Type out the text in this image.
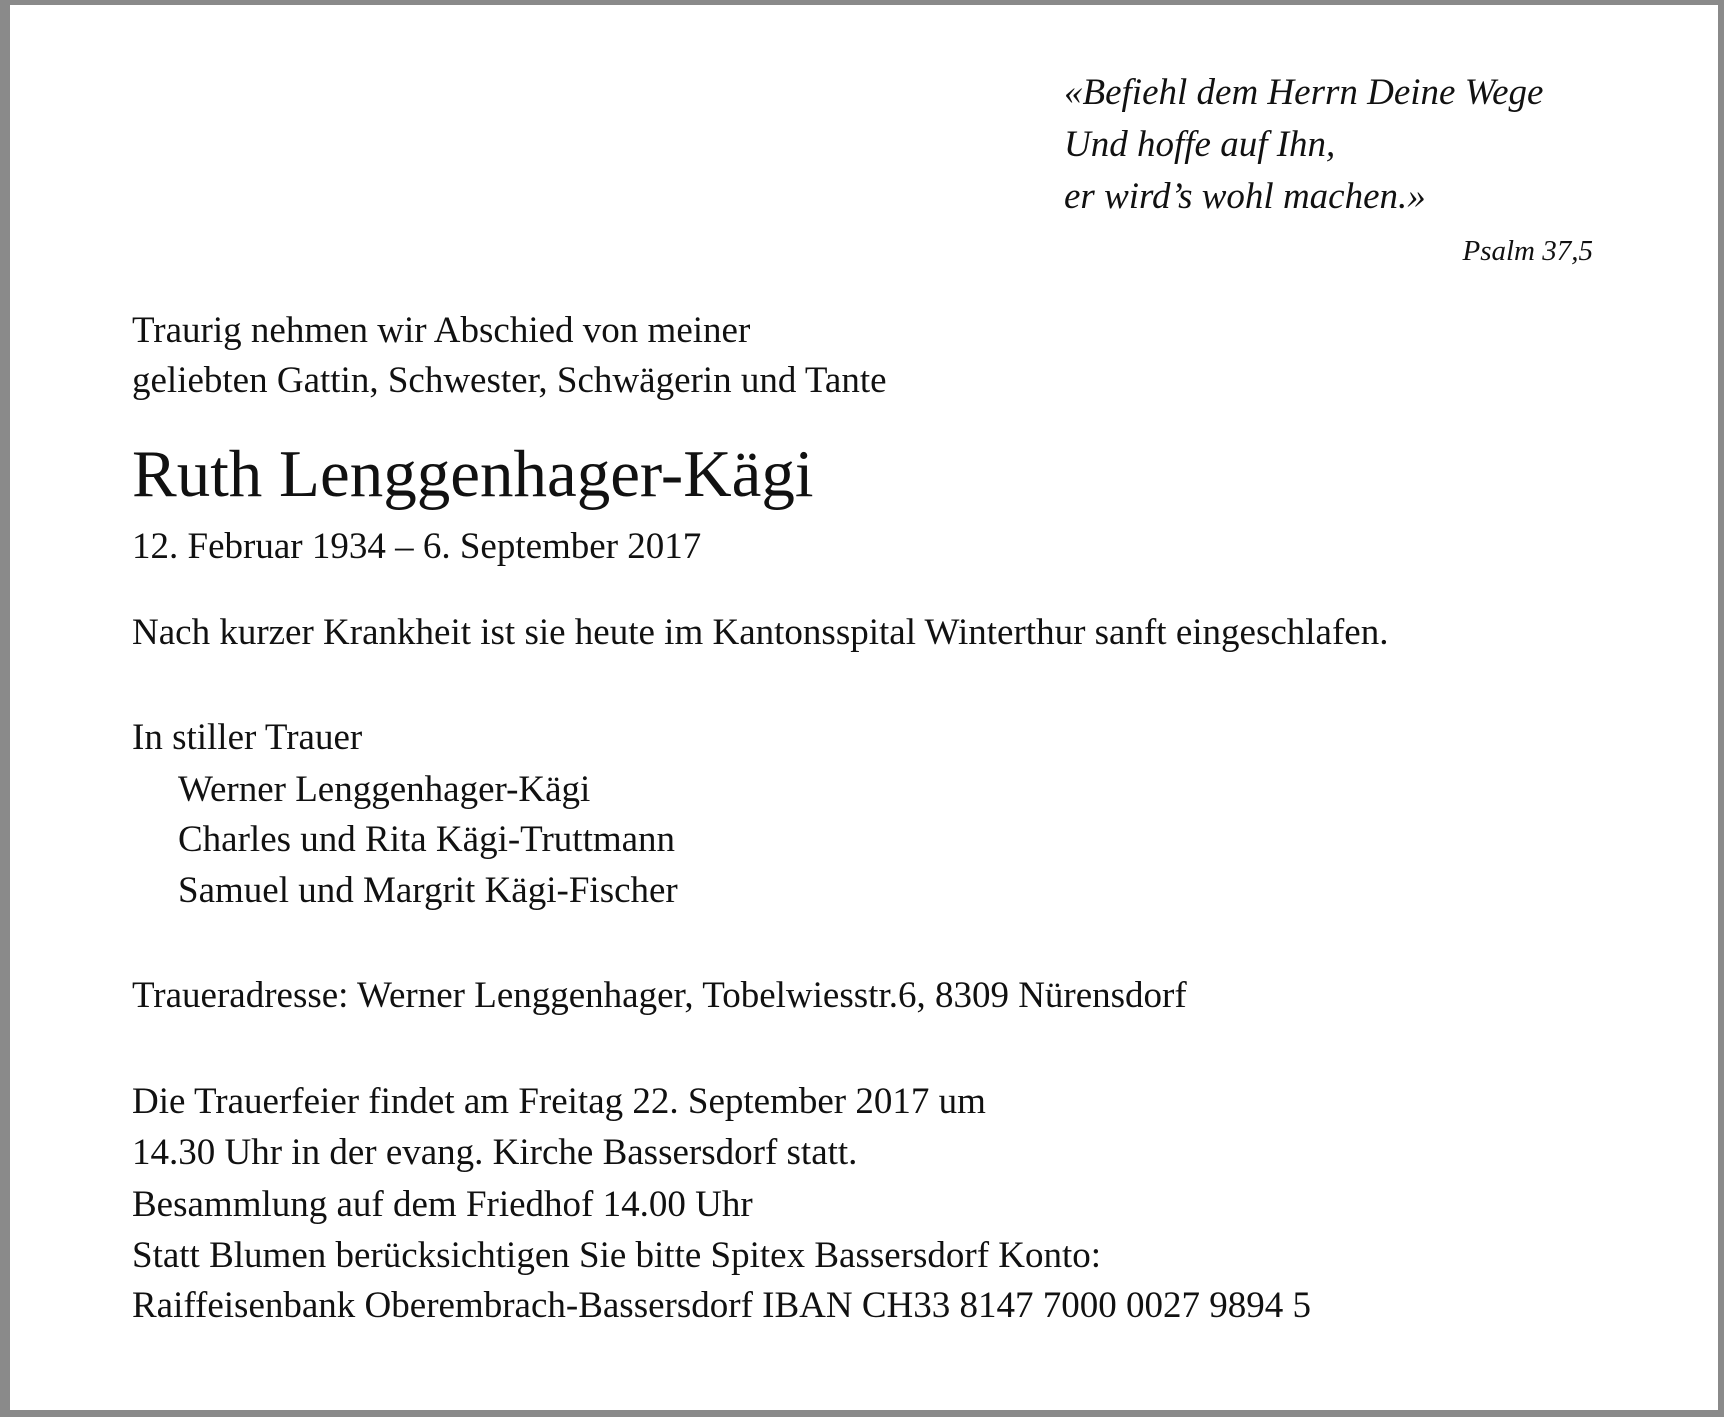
«Befiehl dem Herrn Deine Wege
Und hoffe auf Ihn,
er wird’s wohl machen.»
Psalm 37,5
Traurig nehmen wir Abschied von meiner
geliebten Gattin, Schwester, Schwägerin und Tante
Ruth Lenggenhager-Kägi
12. Februar 1934 – 6. September 2017
Nach kurzer Krankheit ist sie heute im Kantonsspital Winterthur sanft eingeschlafen.
In stiller Trauer
Werner Lenggenhager-Kägi
Charles und Rita Kägi-Truttmann
Samuel und Margrit Kägi-Fischer
Traueradresse: Werner Lenggenhager, Tobelwiesstr.6, 8309 Nürensdorf
Die Trauerfeier findet am Freitag 22. September 2017 um
14.30 Uhr in der evang. Kirche Bassersdorf statt.
Besammlung auf dem Friedhof 14.00 Uhr
Statt Blumen berücksichtigen Sie bitte Spitex Bassersdorf Konto:
Raiffeisenbank Oberembrach-Bassersdorf IBAN CH33 8147 7000 0027 9894 5
